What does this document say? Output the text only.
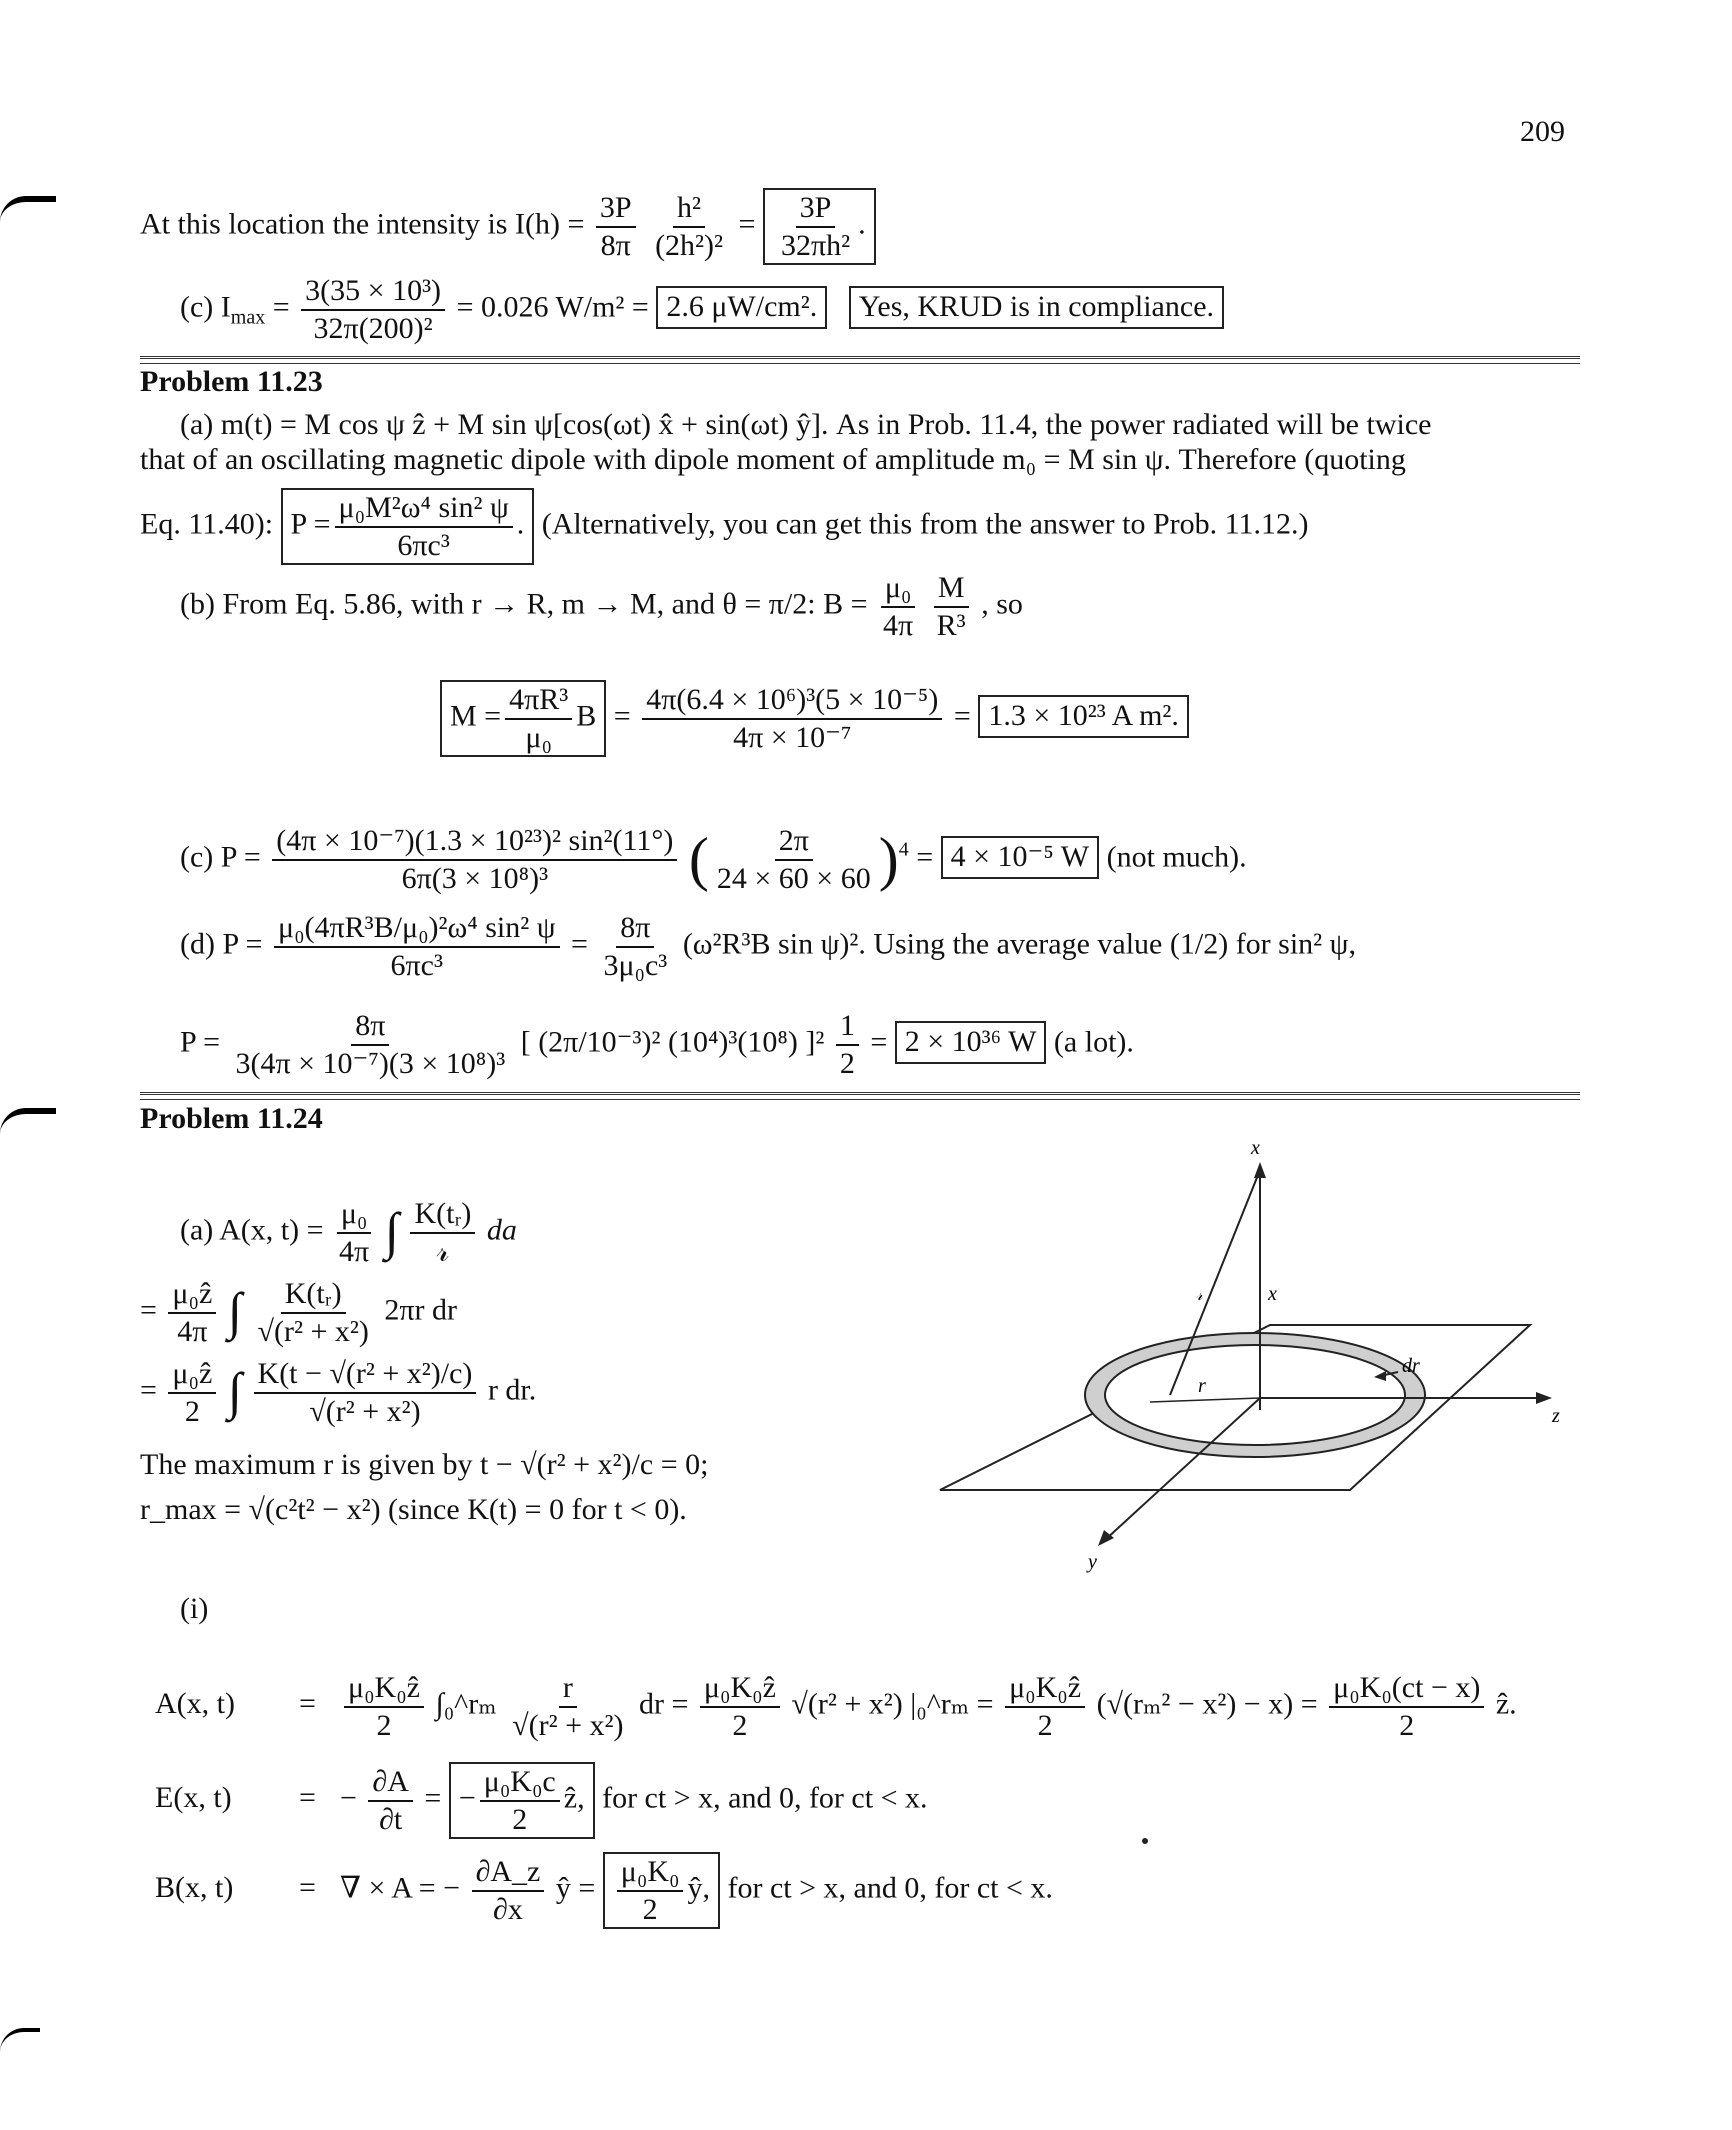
209
At this location the intensity is $I(h) = \frac{3P}{8\pi}$
$\frac{\text{h²}}{\text{(2h²)²}} = \frac{3P}{\text{32πh²}}$ .
(c) $I_{max} = \frac{\text{3(35 × 10³)}}{\text{32π(200)²}} = 0.026$ W/m² = 2.6 μW/cm². Yes, KRUD is in compliance.
Problem 11.23
(a) m(t) = M cos ψ ẑ + M sin ψ[cos(ωt) x̂ + sin(ωt) ŷ]. As in Prob. 11.4, the power radiated will be twice
that of an oscillating magnetic dipole with dipole moment of amplitude m₀ = M sin ψ. Therefore (quoting
Eq. 11.40): $P = \frac{\text{μ₀M²ω⁴ sin² ψ}}{\text{6πc³}}$ . (Alternatively, you can get this from the answer to Prob. 11.12.)
(b) From Eq. 5.86, with r → R, m → M, and θ = π/2: $B = \frac{\text{μ₀}}{4\pi}$
$\frac{M}{\text{R³}}$ , so
$M = \frac{\text{4πR³}}{\text{μ₀}}$ $B = \frac{\text{4π(6.4 × 10⁶)³(5 × 10⁻⁵)}}{\text{4π × 10⁻⁷}} = 1.3 \times 10^{23}$ A m².
(c) $P = \frac{\text{(4π × 10⁻⁷)(1.3 × 10²³)² sin²(11°)}}{\text{6π(3 × 10⁸)³}}$ ( $\frac{2\pi}{24 \times 60 \times 60} )^4 = 4 \times 10^{-5}$ W (not much).
(d) $P = \frac{\text{μ₀(4πR³B/μ₀)²ω⁴ sin² ψ}}{\text{6πc³}} = \frac{8\pi}{\text{3μ₀c³}} (\omega^2R^3B$ sin ψ)². Using the average value (1/2) for sin² ψ,
$P = \frac{8\pi}{\text{3(4π × 10⁻⁷)(3 × 10⁸)³}}$ [ (2π/10⁻³)² (10⁴)³(10⁸) ]$^2 \frac{1}{2} = 2 \times 10^{36}$ W (a lot).
Problem 11.24
(a) A(x, $t) = \frac{\text{μ₀}}{4\pi}$ ∫ $\frac{\text{K(tᵣ)}}{\text{𝓇}}$ da
= $\frac{\text{μ₀ẑ}}{4\pi}$ ∫ $\frac{\text{K(tᵣ)}}{\text{√(r² + x²)}} 2\pi r$ dr
= $\frac{\text{μ₀ẑ}}{2}$ ∫ $\frac{\text{K(t − √(r² + x²)/c)}}{\text{√(r² + x²)}}$ r dr.
The maximum r is given by t − √(r² + x²)/c = 0;
r_max = √(c²t² − x²) (since K(t) = 0 for t < 0).
(i)
A(x, $t) = \frac{\text{μ₀K₀ẑ}}{2}$ ∫₀^rₘ $\frac{r}{\text{√(r² + x²)}}$ dr = $\frac{\text{μ₀K₀ẑ}}{2} √(r^2 + x^2)$ |₀^rₘ = $\frac{\text{μ₀K₀ẑ}}{2} (√(r_m^2 - x^2) - x) = \frac{\text{μ₀K₀(ct − x)}}{2}$ ẑ.
E(x, t) = − $\frac{\partial A}{\partial t}$ = − $\frac{\text{μ₀K₀c}}{2}$ ẑ, for ct > x, and 0, for ct < x.
B(x, t) = ∇ × A = − $\frac{\partial A\_z}{\partial x}$ ŷ = $\frac{\text{μ₀K₀}}{2}$ ŷ, for ct > x, and 0, for ct < x.
x
z
y
x
𝓇
r
dr
